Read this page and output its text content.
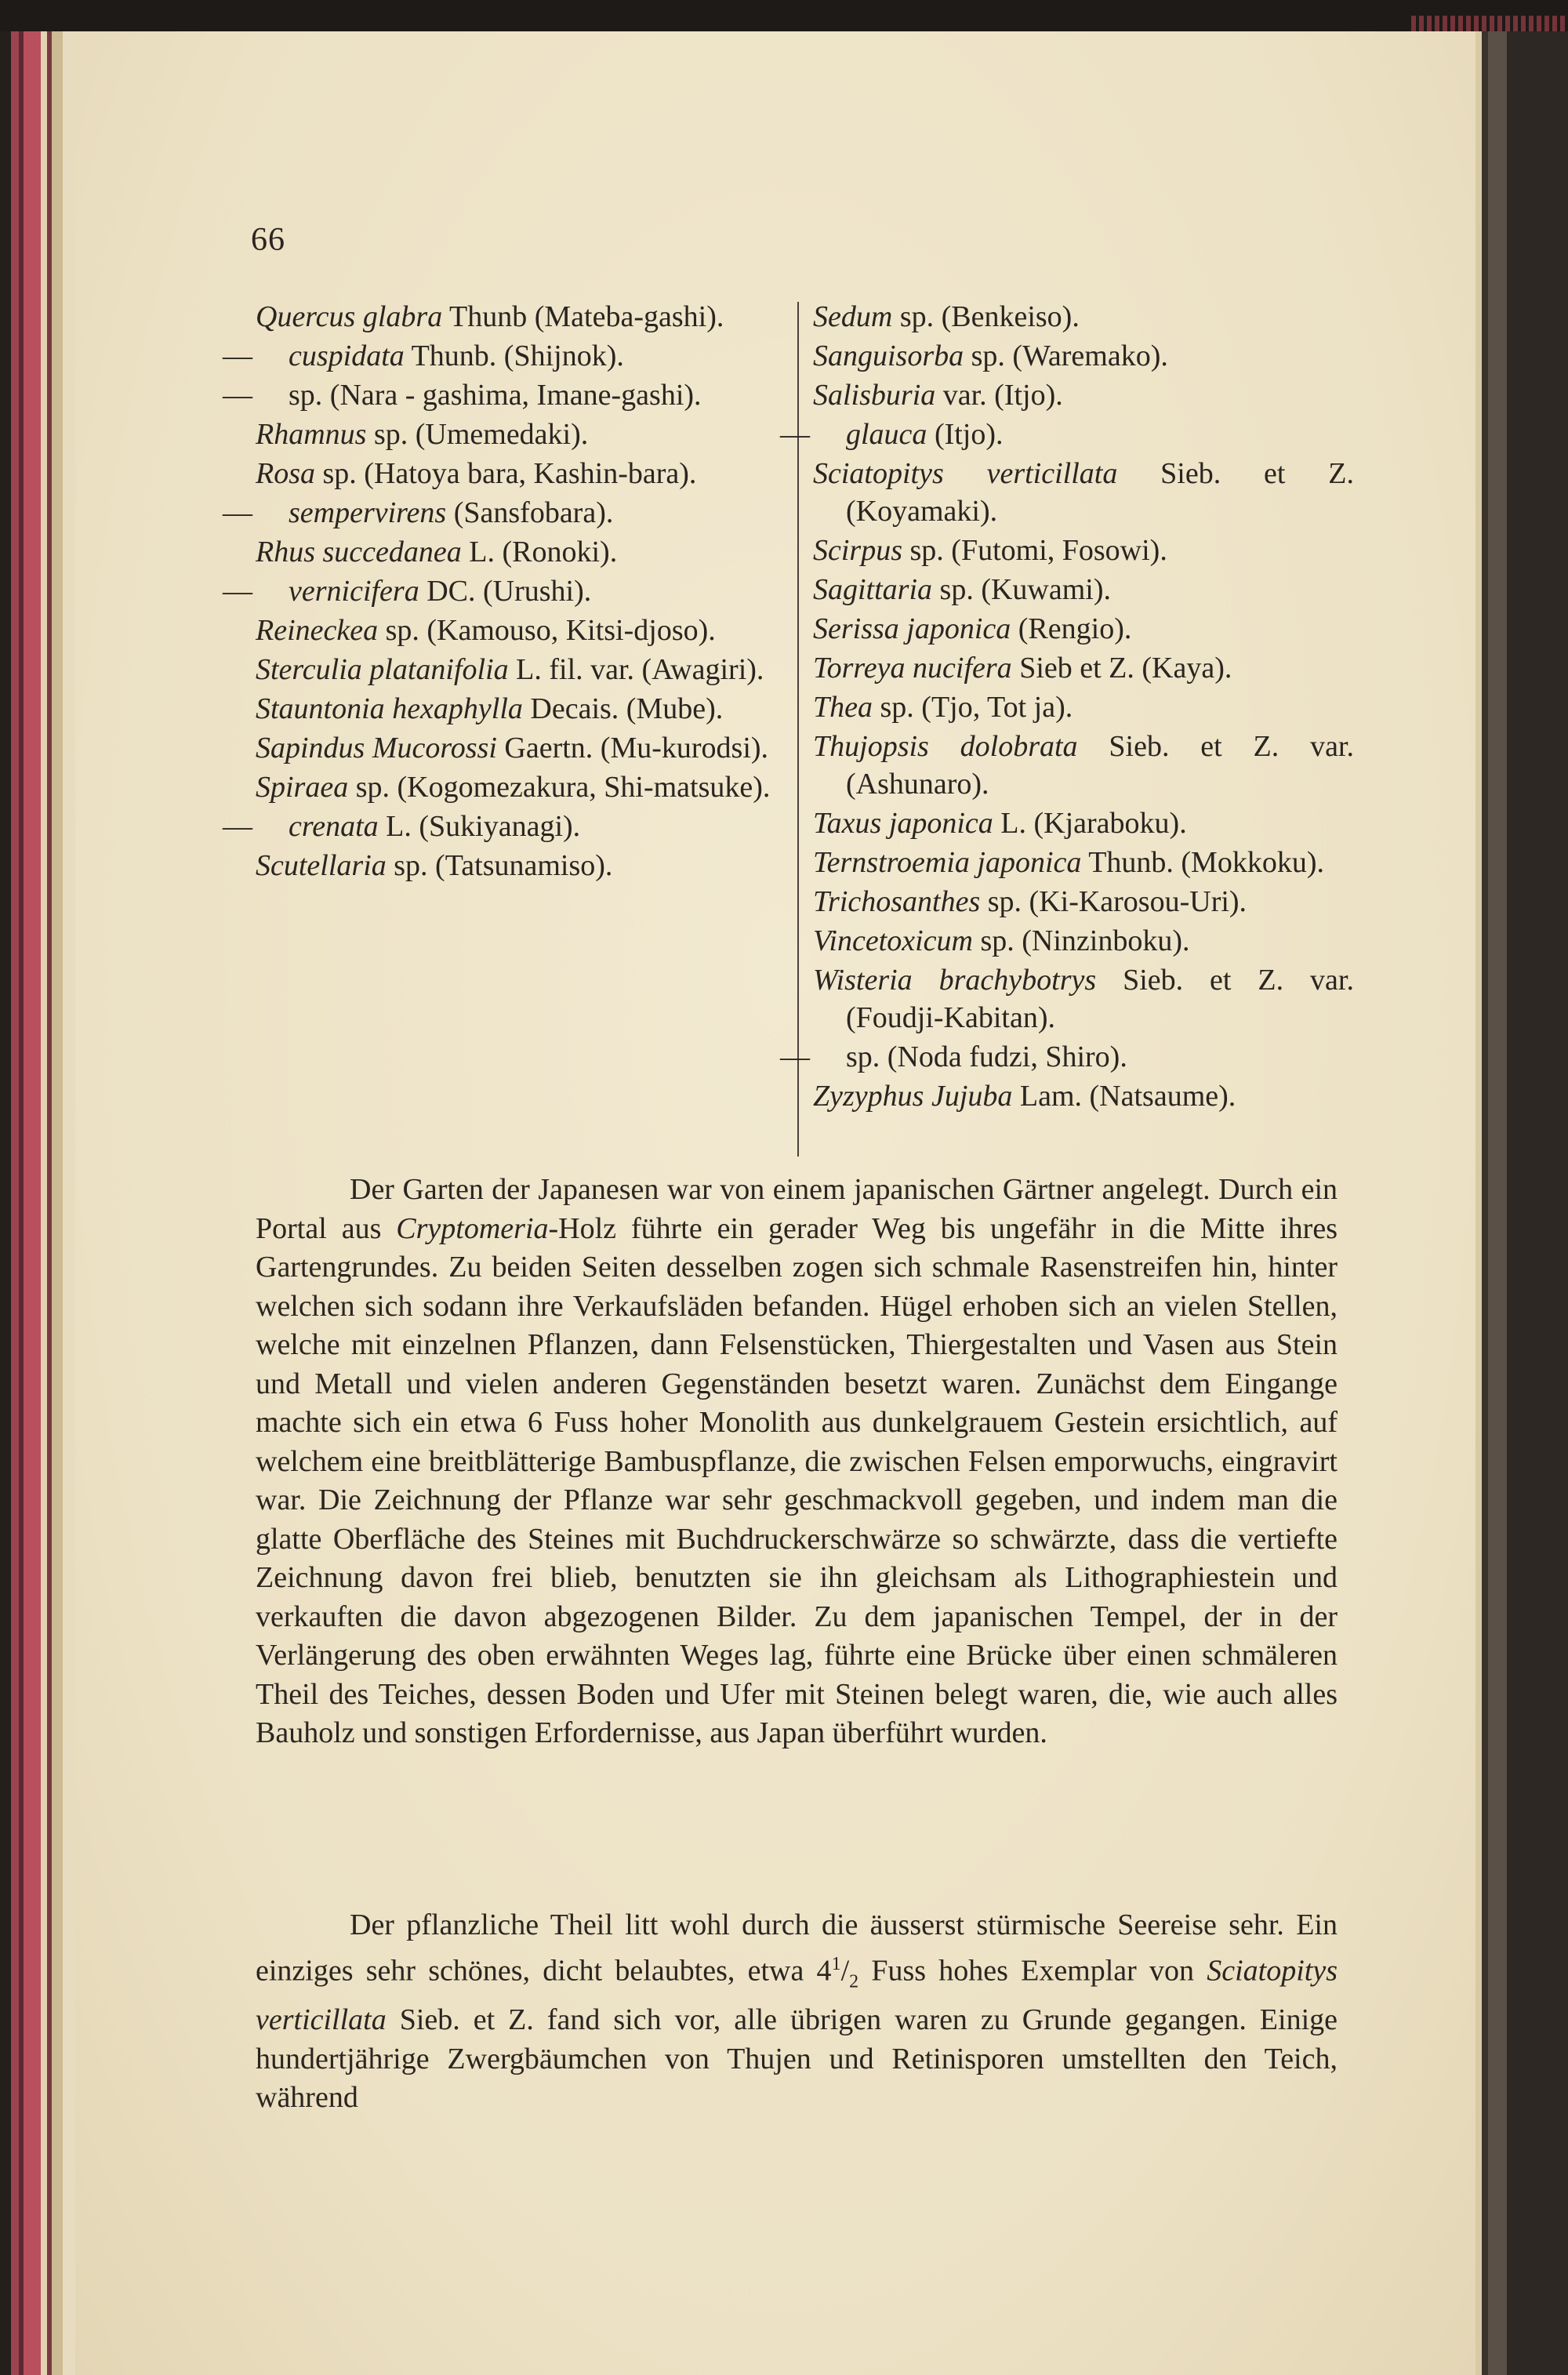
66

Quercus glabra Thunb (Mateba-gashi).

— cuspidata Thunb. (Shijnok).

— sp. (Nara - gashima, Imane-gashi).

Rhamnus sp. (Umemedaki).

Rosa sp. (Hatoya bara, Kashin-bara).

— sempervirens (Sansfobara).

Rhus succedanea L. (Ronoki).

— vernicifera DC. (Urushi).

Reineckea sp. (Kamouso, Kitsi-djoso).

Sterculia platanifolia L. fil. var. (Awagiri).

Stauntonia hexaphylla Decais. (Mube).

Sapindus Mucorossi Gaertn. (Mu-kurodsi).

Spiraea sp. (Kogomezakura, Shi-matsuke).

— crenata L. (Sukiyanagi).

Scutellaria sp. (Tatsunamiso).

Sedum sp. (Benkeiso).

Sanguisorba sp. (Waremako).

Salisburia var. (Itjo).

— glauca (Itjo).

Sciatopitys verticillata Sieb. et Z. (Koyamaki).

Scirpus sp. (Futomi, Fosowi).

Sagittaria sp. (Kuwami).

Serissa japonica (Rengio).

Torreya nucifera Sieb et Z. (Kaya).

Thea sp. (Tjo, Tot ja).

Thujopsis dolobrata Sieb. et Z. var. (Ashunaro).

Taxus japonica L. (Kjaraboku).

Ternstroemia japonica Thunb. (Mokkoku).

Trichosanthes sp. (Ki-Karosou-Uri).

Vincetoxicum sp. (Ninzinboku).

Wisteria brachybotrys Sieb. et Z. var. (Foudji-Kabitan).

— sp. (Noda fudzi, Shiro).

Zyzyphus Jujuba Lam. (Natsaume).

Der Garten der Japanesen war von einem japanischen Gärtner angelegt. Durch ein Portal aus Cryptomeria-Holz führte ein gerader Weg bis ungefähr in die Mitte ihres Gartengrundes. Zu beiden Seiten desselben zogen sich schmale Rasenstreifen hin, hinter welchen sich sodann ihre Verkaufsläden befanden. Hügel erhoben sich an vielen Stellen, welche mit einzelnen Pflanzen, dann Felsenstücken, Thiergestalten und Vasen aus Stein und Metall und vielen anderen Gegenständen besetzt waren. Zunächst dem Eingange machte sich ein etwa 6 Fuss hoher Monolith aus dunkelgrauem Gestein ersichtlich, auf welchem eine breitblätterige Bambuspflanze, die zwischen Felsen emporwuchs, eingravirt war. Die Zeichnung der Pflanze war sehr geschmackvoll gegeben, und indem man die glatte Oberfläche des Steines mit Buchdruckerschwärze so schwärzte, dass die vertiefte Zeichnung davon frei blieb, benutzten sie ihn gleichsam als Lithographiestein und verkauften die davon abgezogenen Bilder. Zu dem japanischen Tempel, der in der Verlängerung des oben erwähnten Weges lag, führte eine Brücke über einen schmäleren Theil des Teiches, dessen Boden und Ufer mit Steinen belegt waren, die, wie auch alles Bauholz und sonstigen Erfordernisse, aus Japan überführt wurden.

Der pflanzliche Theil litt wohl durch die äusserst stürmische Seereise sehr. Ein einziges sehr schönes, dicht belaubtes, etwa $4^1/_2$ Fuss hohes Exemplar von Sciatopitys verticillata Sieb. et Z. fand sich vor, alle übrigen waren zu Grunde gegangen. Einige hundertjährige Zwergbäumchen von Thujen und Retinisporen umstellten den Teich, während
